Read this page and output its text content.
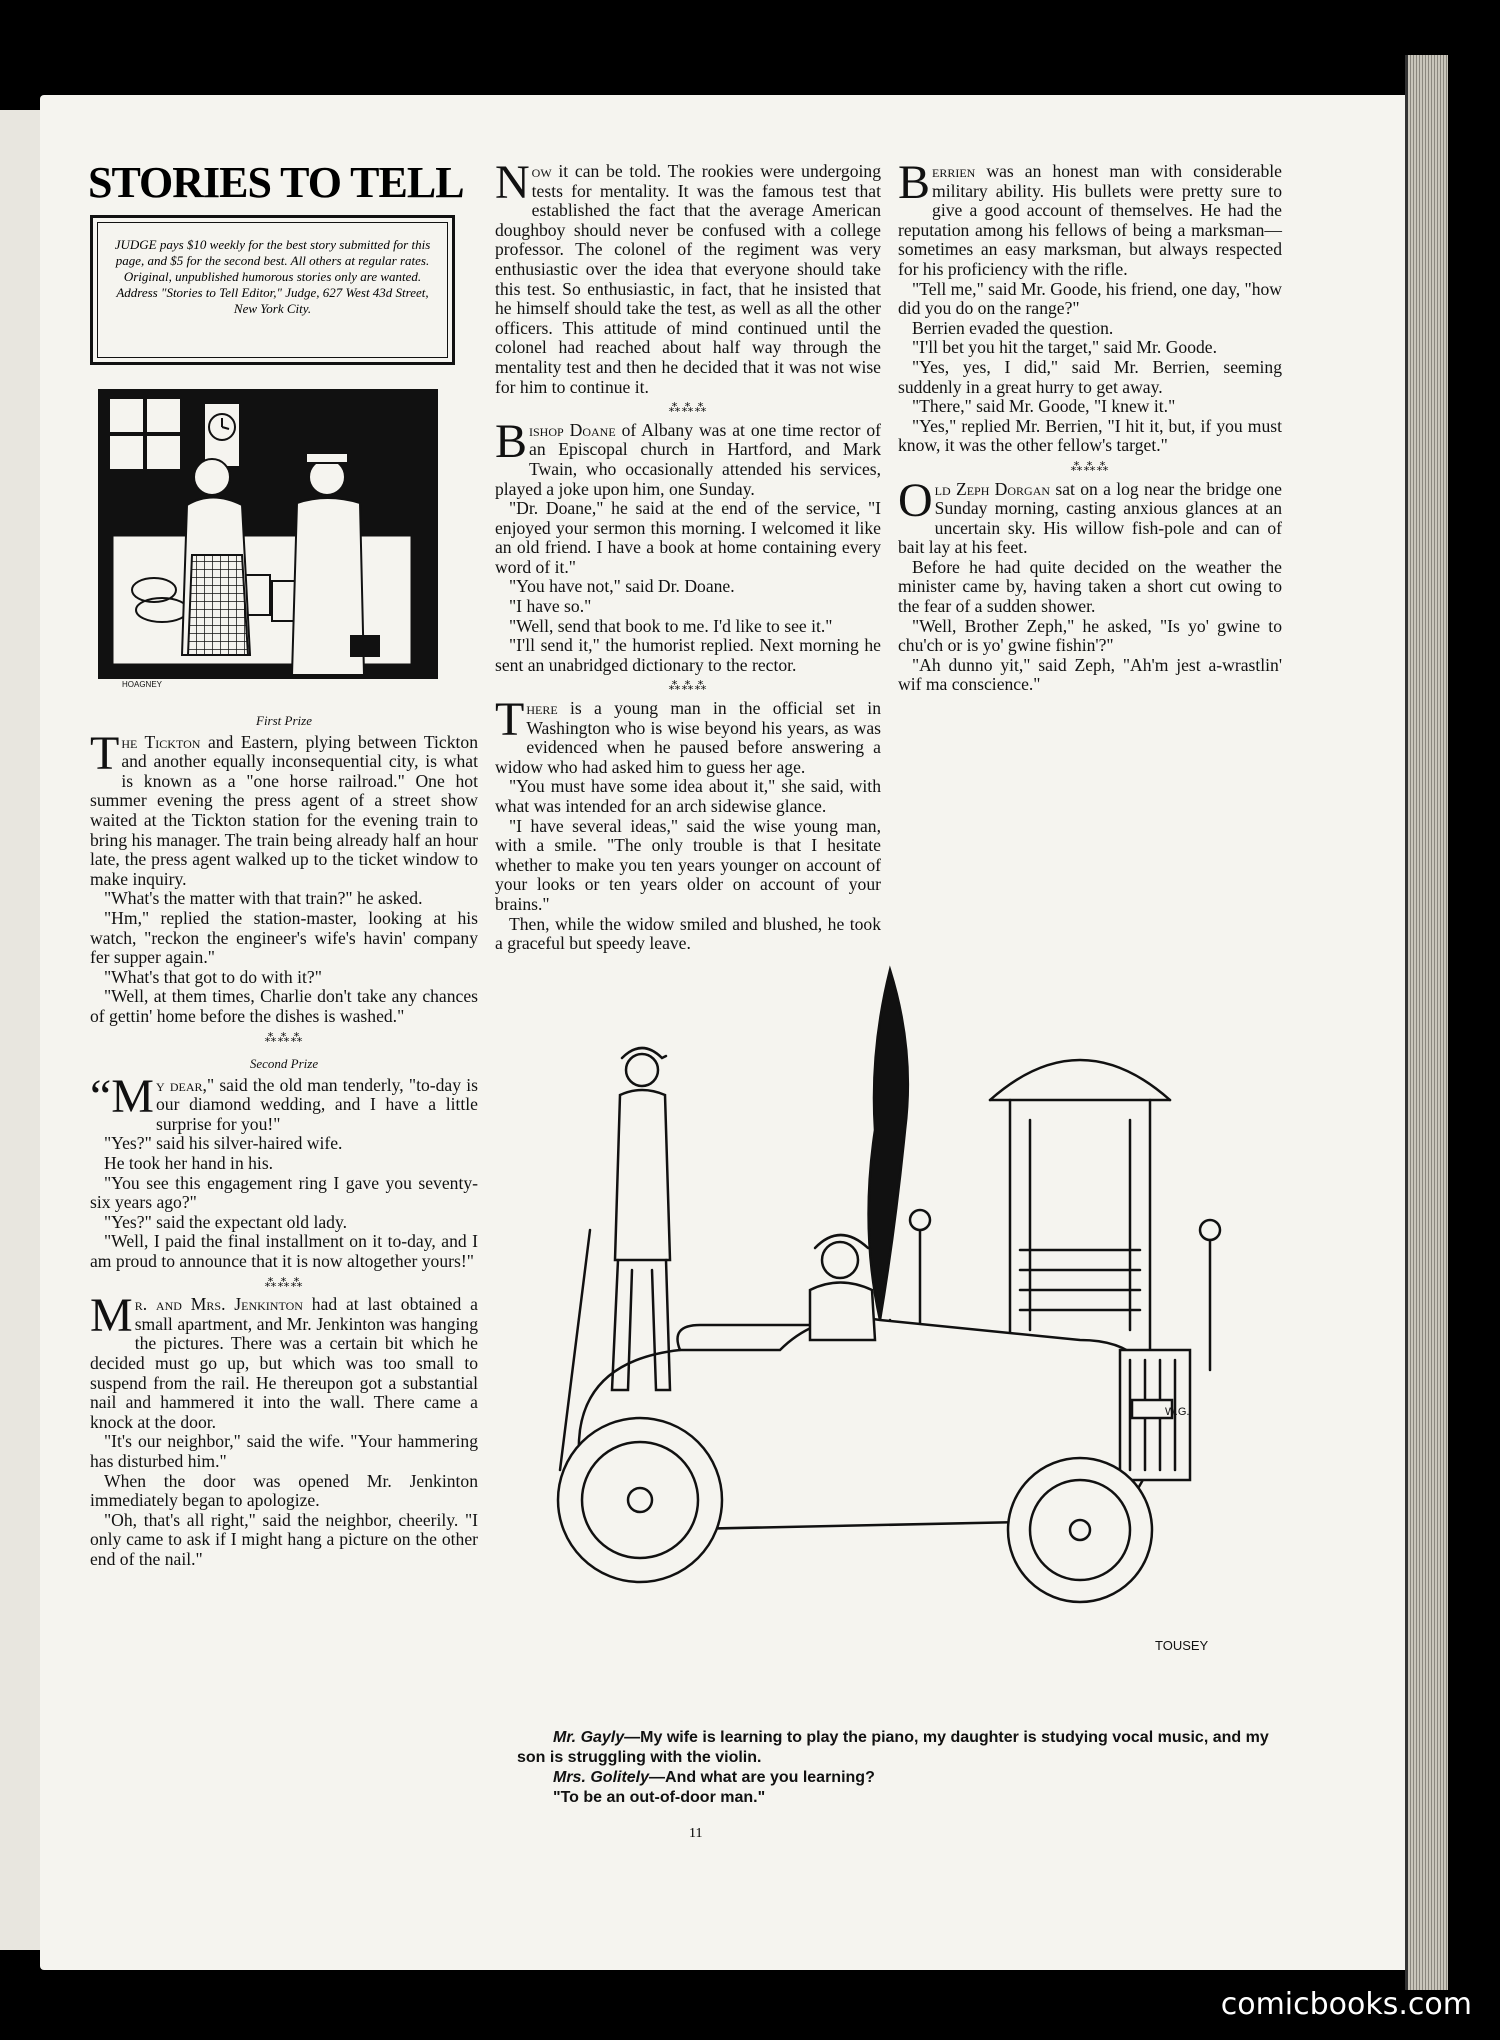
STORIES TO TELL
JUDGE pays $10 weekly for the best story submitted for this page, and $5 for the second best. All others at regular rates. Original, unpublished humorous stories only are wanted. Address "Stories to Tell Editor," Judge, 627 West 43d Street, New York City.
HOAGNEY
First Prize

The Tickton and Eastern, plying between Tickton and another equally inconsequential city, is what is known as a "one horse railroad." One hot summer evening the press agent of a street show waited at the Tickton station for the evening train to bring his manager. The train being already half an hour late, the press agent walked up to the ticket window to make inquiry.

"What's the matter with that train?" he asked.

"Hm," replied the station-master, looking at his watch, "reckon the engineer's wife's havin' company fer supper again."

"What's that got to do with it?"

"Well, at them times, Charlie don't take any chances of gettin' home before the dishes is washed."

⁂⁂⁂
Second Prize

“My dear," said the old man tenderly, "to-day is our diamond wedding, and I have a little surprise for you!"

"Yes?" said his silver-haired wife.

He took her hand in his.

"You see this engagement ring I gave you seventy-six years ago?"

"Yes?" said the expectant old lady.

"Well, I paid the final installment on it to-day, and I am proud to announce that it is now altogether yours!"

⁂⁂⁂

Mr. and Mrs. Jenkinton had at last obtained a small apartment, and Mr. Jenkinton was hanging the pictures. There was a certain bit which he decided must go up, but which was too small to suspend from the rail. He thereupon got a substantial nail and hammered it into the wall. There came a knock at the door.

"It's our neighbor," said the wife. "Your hammering has disturbed him."

When the door was opened Mr. Jenkinton immediately began to apologize.

"Oh, that's all right," said the neighbor, cheerily. "I only came to ask if I might hang a picture on the other end of the nail."

Now it can be told. The rookies were undergoing tests for mentality. It was the famous test that established the fact that the average American doughboy should never be confused with a college professor. The colonel of the regiment was very enthusiastic over the idea that everyone should take this test. So enthusiastic, in fact, that he insisted that he himself should take the test, as well as all the other officers. This attitude of mind continued until the colonel had reached about half way through the mentality test and then he decided that it was not wise for him to continue it.

⁂⁂⁂

Bishop Doane of Albany was at one time rector of an Episcopal church in Hartford, and Mark Twain, who occasionally attended his services, played a joke upon him, one Sunday.

"Dr. Doane," he said at the end of the service, "I enjoyed your sermon this morning. I welcomed it like an old friend. I have a book at home containing every word of it."

"You have not," said Dr. Doane.

"I have so."

"Well, send that book to me. I'd like to see it."

"I'll send it," the humorist replied. Next morning he sent an unabridged dictionary to the rector.

⁂⁂⁂

There is a young man in the official set in Washington who is wise beyond his years, as was evidenced when he paused before answering a widow who had asked him to guess her age.

"You must have some idea about it," she said, with what was intended for an arch sidewise glance.

"I have several ideas," said the wise young man, with a smile. "The only trouble is that I hesitate whether to make you ten years younger on account of your looks or ten years older on account of your brains."

Then, while the widow smiled and blushed, he took a graceful but speedy leave.

Berrien was an honest man with considerable military ability. His bullets were pretty sure to give a good account of themselves. He had the reputation among his fellows of being a marksman—sometimes an easy marksman, but always respected for his proficiency with the rifle.

"Tell me," said Mr. Goode, his friend, one day, "how did you do on the range?"

Berrien evaded the question.

"I'll bet you hit the target," said Mr. Goode.

"Yes, yes, I did," said Mr. Berrien, seeming suddenly in a great hurry to get away.

"There," said Mr. Goode, "I knew it."

"Yes," replied Mr. Berrien, "I hit it, but, if you must know, it was the other fellow's target."

⁂⁂⁂

Old Zeph Dorgan sat on a log near the bridge one Sunday morning, casting anxious glances at an uncertain sky. His willow fish-pole and can of bait lay at his feet.

Before he had quite decided on the weather the minister came by, having taken a short cut owing to the fear of a sudden shower.

"Well, Brother Zeph," he asked, "Is yo' gwine to chu'ch or is yo' gwine fishin'?"

"Ah dunno yit," said Zeph, "Ah'm jest a-wrastlin' wif ma conscience."

W.G.
TOUSEY

Mr. Gayly—My wife is learning to play the piano, my daughter is studying vocal music, and my son is struggling with the violin.

Mrs. Golitely—And what are you learning?

"To be an out-of-door man."

11
comicbooks.com
